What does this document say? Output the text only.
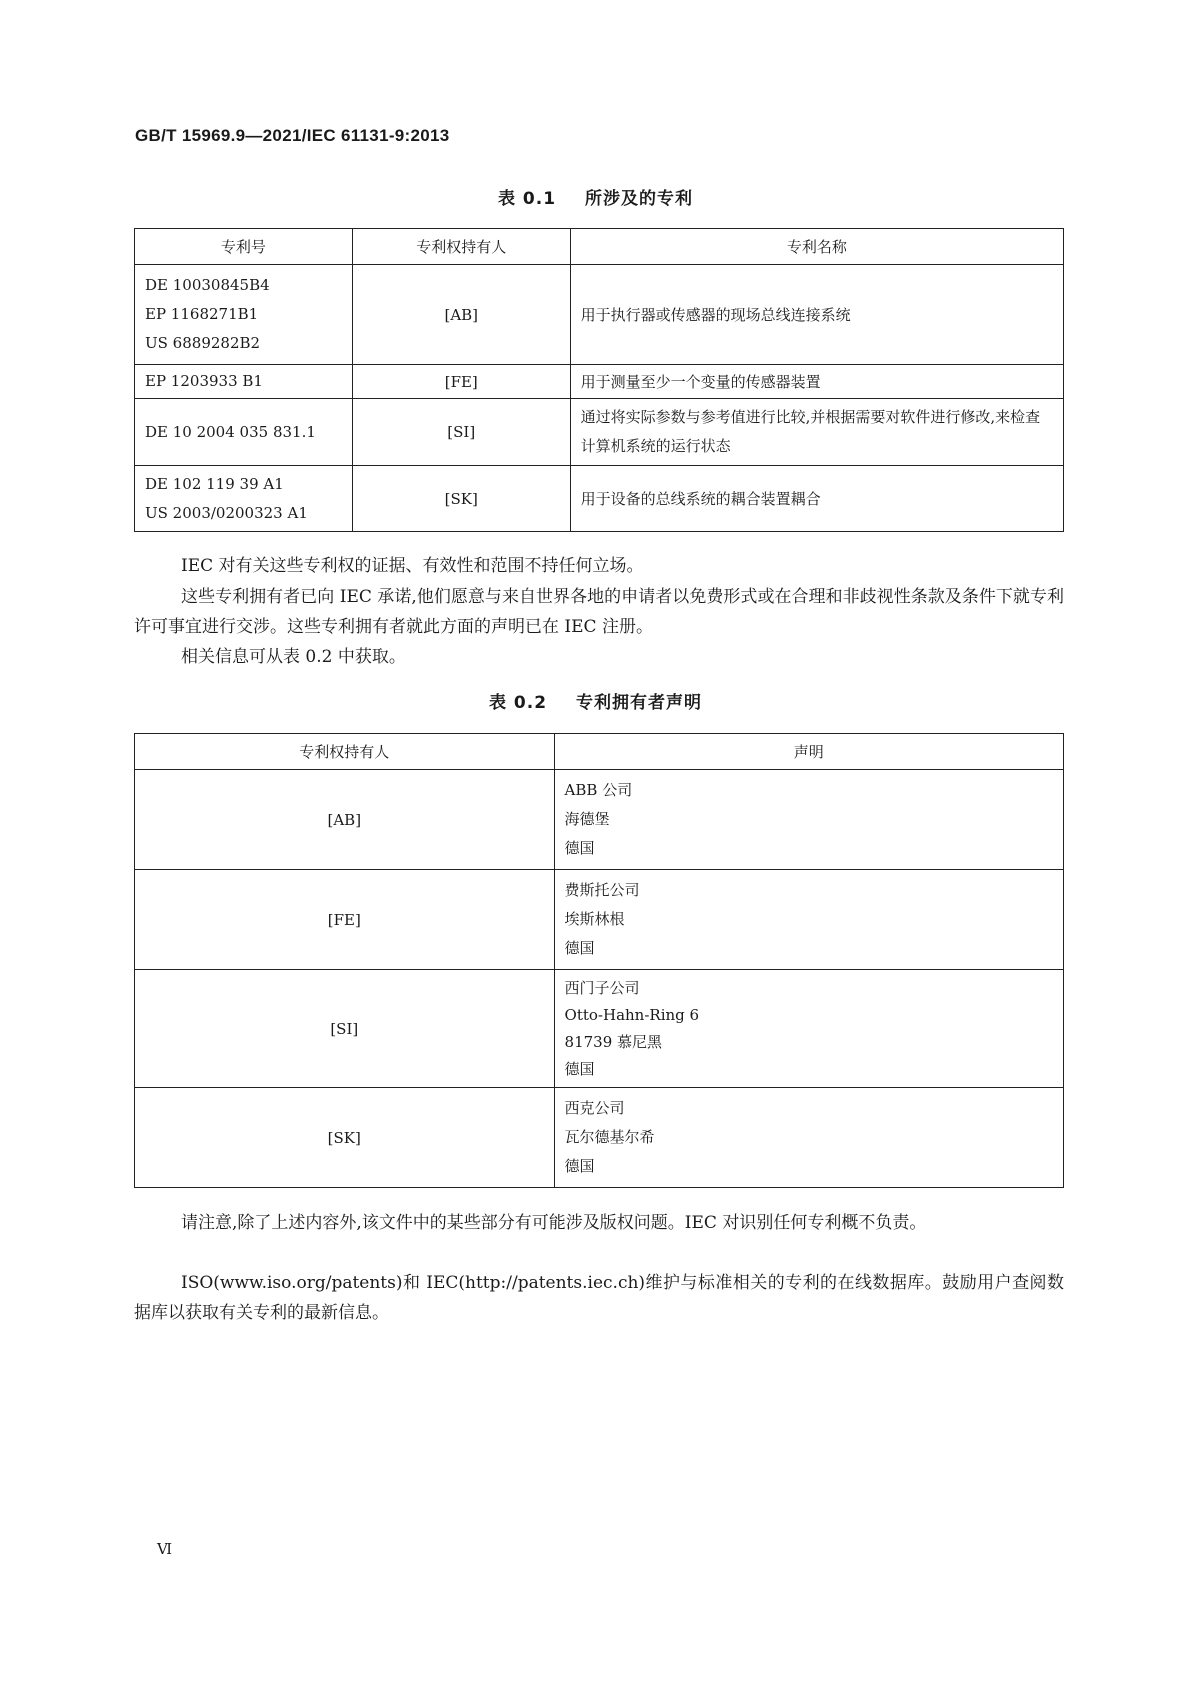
GB/T 15969.9—2021/IEC 61131-9:2013
表 0.1 所涉及的专利
专利号	专利权持有人	专利名称

DE 10030845B4
EP 1168271B1
US 6889282B2	[AB]	用于执行器或传感器的现场总线连接系统

EP 1203933 B1	[FE]	用于测量至少一个变量的传感器装置

DE 10 2004 035 831.1	[SI]	通过将实际参数与参考值进行比较,并根据需要对软件进行修改,来检查计算机系统的运行状态

DE 102 119 39 A1
US 2003/0200323 A1	[SK]	用于设备的总线系统的耦合装置耦合

IEC 对有关这些专利权的证据、有效性和范围不持任何立场。

这些专利拥有者已向 IEC 承诺,他们愿意与来自世界各地的申请者以免费形式或在合理和非歧视性条款及条件下就专利许可事宜进行交涉。这些专利拥有者就此方面的声明已在 IEC 注册。

相关信息可从表 0.2 中获取。

表 0.2 专利拥有者声明
专利权持有人	声明
[AB]	ABB 公司
海德堡
德国

[FE]	费斯托公司
埃斯林根
德国

[SI]	西门子公司
Otto-Hahn-Ring 6
81739 慕尼黑
德国

[SK]	西克公司
瓦尔德基尔希
德国

请注意,除了上述内容外,该文件中的某些部分有可能涉及版权问题。IEC 对识别任何专利概不负责。

ISO(www.iso.org/patents)和 IEC(http://patents.iec.ch)维护与标准相关的专利的在线数据库。鼓励用户查阅数据库以获取有关专利的最新信息。

Ⅵ
